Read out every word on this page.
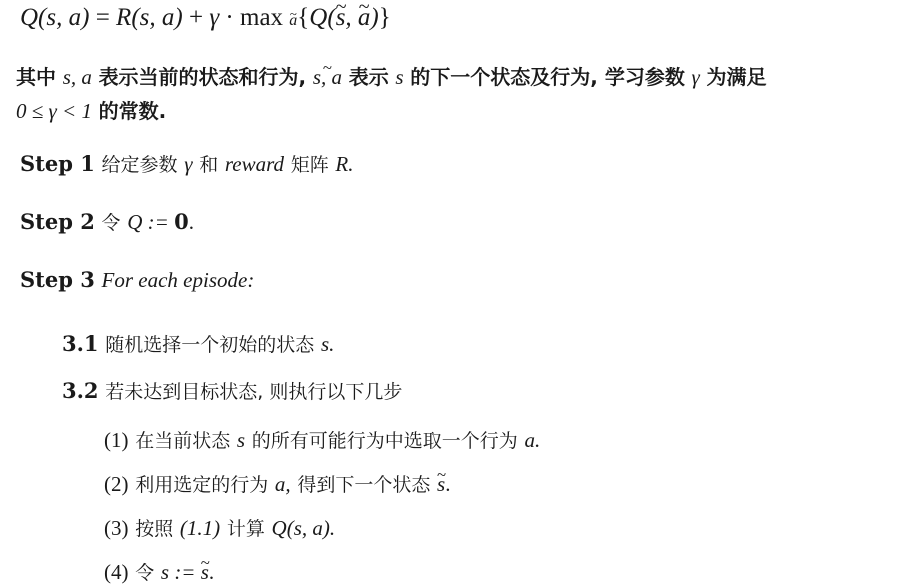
Q(s, a) = R(s, a) + γ · max ~ a{Q(~ s, ~ a)}
其中 s, a 表示当前的状态和行为, ~ s, a 表示 s 的下一个状态及行为, 学习参数 γ 为满足
0 ≤ γ < 1 的常数.
Step 1 给定参数 γ 和 reward 矩阵 R.
Step 2 令 Q := 0.
Step 3 For each episode:
3.1 随机选择一个初始的状态 s.
3.2 若未达到目标状态, 则执行以下几步
(1) 在当前状态 s 的所有可能行为中选取一个行为 a.
(2) 利用选定的行为 a, 得到下一个状态 ~ s.
(3) 按照 (1.1) 计算 Q(s, a).
(4) 令 s := ~ s.
